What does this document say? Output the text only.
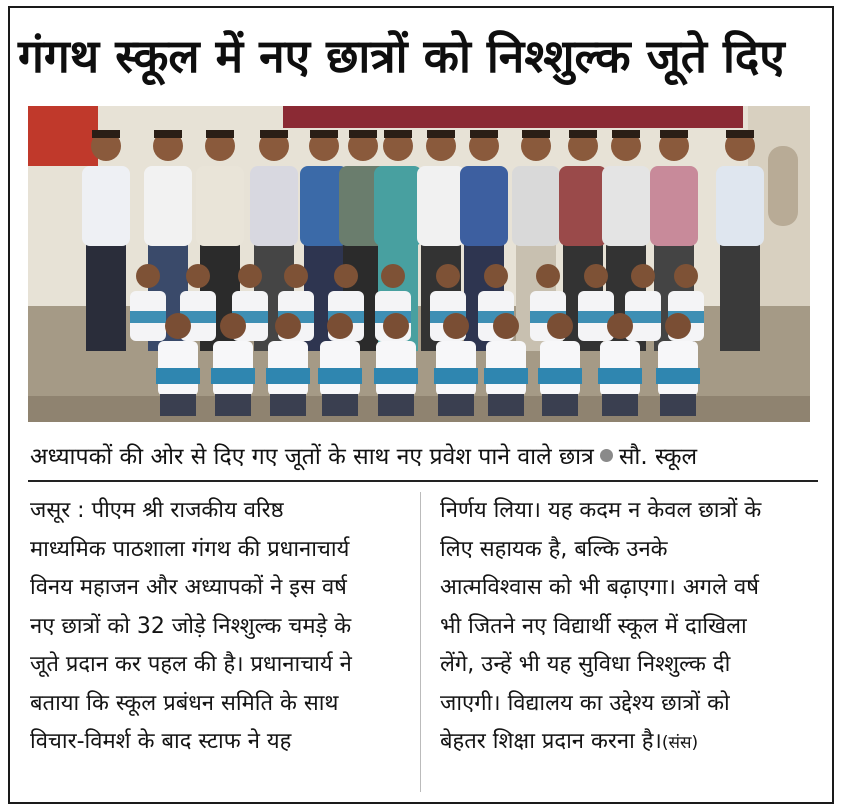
गंगथ स्कूल में नए छात्रों को निश्शुल्क जूते दिए
अध्यापकों की ओर से दिए गए जूतों के साथ नए प्रवेश पाने वाले छात्र सौ. स्कूल
जसूर : पीएम श्री राजकीय वरिष्ठ
माध्यमिक पाठशाला गंगथ की प्रधानाचार्य
विनय महाजन और अध्यापकों ने इस वर्ष
नए छात्रों को 32 जोड़े निश्शुल्क चमड़े के
जूते प्रदान कर पहल की है। प्रधानाचार्य ने
बताया कि स्कूल प्रबंधन समिति के साथ
विचार-विमर्श के बाद स्टाफ ने यह
निर्णय लिया। यह कदम न केवल छात्रों के
लिए सहायक है, बल्कि उनके
आत्मविश्वास को भी बढ़ाएगा। अगले वर्ष
भी जितने नए विद्यार्थी स्कूल में दाखिला
लेंगे, उन्हें भी यह सुविधा निश्शुल्क दी
जाएगी। विद्यालय का उद्देश्य छात्रों को
बेहतर शिक्षा प्रदान करना है।(संस)
